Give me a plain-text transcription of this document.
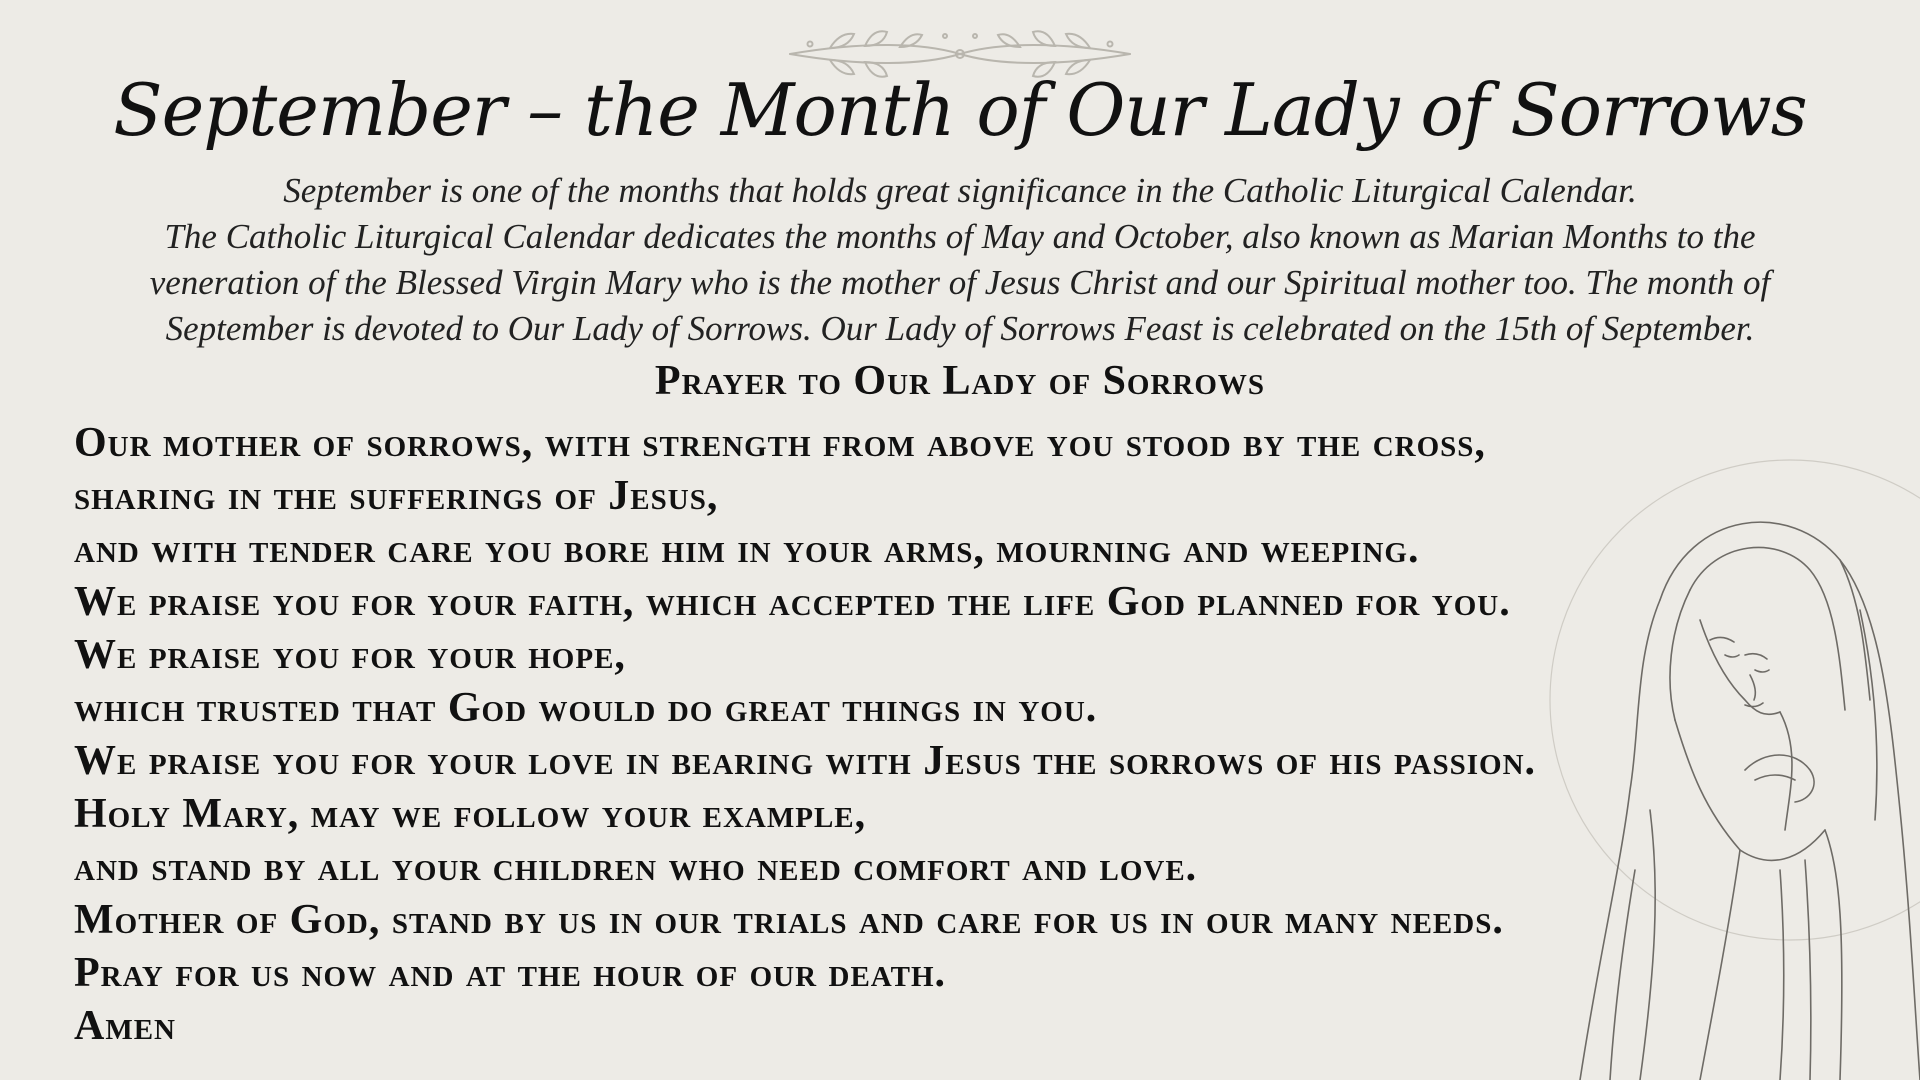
September – the Month of Our Lady of Sorrows

September is one of the months that holds great significance in the Catholic Liturgical Calendar.
The Catholic Liturgical Calendar dedicates the months of May and October, also known as Marian Months to the
veneration of the Blessed Virgin Mary who is the mother of Jesus Christ and our Spiritual mother too. The month of
September is devoted to Our Lady of Sorrows. Our Lady of Sorrows Feast is celebrated on the 15th of September.

Prayer to Our Lady of Sorrows
Our mother of sorrows, with strength from above you stood by the cross,
sharing in the sufferings of Jesus,
and with tender care you bore him in your arms, mourning and weeping.
We praise you for your faith, which accepted the life God planned for you.
We praise you for your hope,
which trusted that God would do great things in you.
We praise you for your love in bearing with Jesus the sorrows of his passion.
Holy Mary, may we follow your example,
and stand by all your children who need comfort and love.
Mother of God, stand by us in our trials and care for us in our many needs.
Pray for us now and at the hour of our death.
Amen
